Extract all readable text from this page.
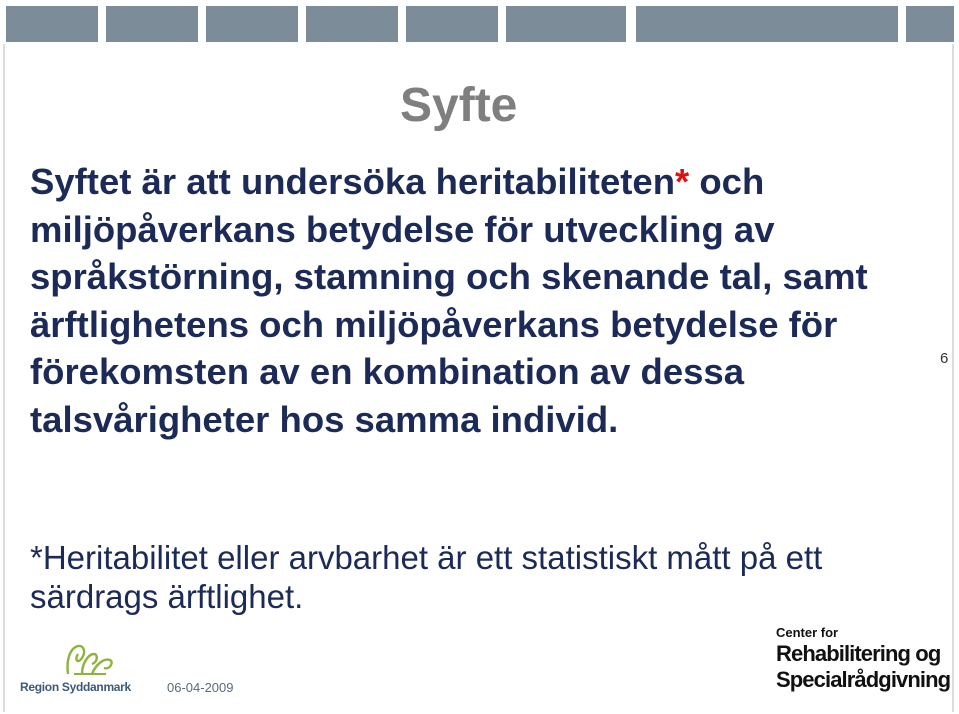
Syfte
Syftet är att undersöka heritabiliteten* och miljöpåverkans betydelse för utveckling av språkstörning, stamning och skenande tal, samt ärftlighetens och miljöpåverkans betydelse för förekomsten av en kombination av dessa talsvårigheter hos samma individ.
*Heritabilitet eller arvbarhet är ett statistiskt mått på ett särdrags ärftlighet.
6
Region Syddanmark	06-04-2009
Center for
Rehabilitering og
Specialrådgivning
